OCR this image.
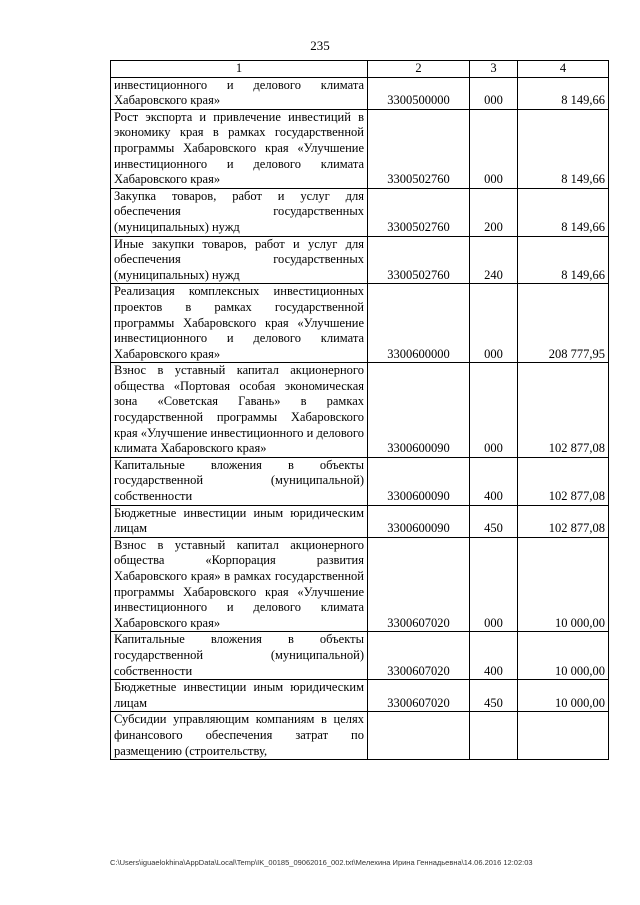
235
1	2	3	4
инвестиционного и делового климата Хабаровского края»	3300500000	000	8 149,66
Рост экспорта и привлечение инвестиций в экономику края в рамках государственной программы Хабаровского края «Улучшение инвестиционного и делового климата Хабаровского края»	3300502760	000	8 149,66
Закупка товаров, работ и услуг для обеспечения государственных (муниципальных) нужд	3300502760	200	8 149,66
Иные закупки товаров, работ и услуг для обеспечения государственных (муниципальных) нужд	3300502760	240	8 149,66
Реализация комплексных инвестиционных проектов в рамках государственной программы Хабаровского края «Улучшение инвестиционного и делового климата Хабаровского края»	3300600000	000	208 777,95
Взнос в уставный капитал акционерного общества «Портовая особая экономическая зона «Советская Гавань» в рамках государственной программы Хабаровского края «Улучшение инвестиционного и делового климата Хабаровского края»	3300600090	000	102 877,08
Капитальные вложения в объекты государственной (муниципальной) собственности	3300600090	400	102 877,08
Бюджетные инвестиции иным юридическим лицам	3300600090	450	102 877,08
Взнос в уставный капитал акционерного общества «Корпорация развития Хабаровского края» в рамках государственной программы Хабаровского края «Улучшение инвестиционного и делового климата Хабаровского края»	3300607020	000	10 000,00
Капитальные вложения в объекты государственной (муниципальной) собственности	3300607020	400	10 000,00
Бюджетные инвестиции иным юридическим лицам	3300607020	450	10 000,00
Субсидии управляющим компаниям в целях финансового обеспечения затрат по размещению (строительству,			
C:\Users\iguaelokhina\AppData\Local\Temp\IK_00185_09062016_002.txt\Мелехина Ирина Геннадьевна\14.06.2016 12:02:03
